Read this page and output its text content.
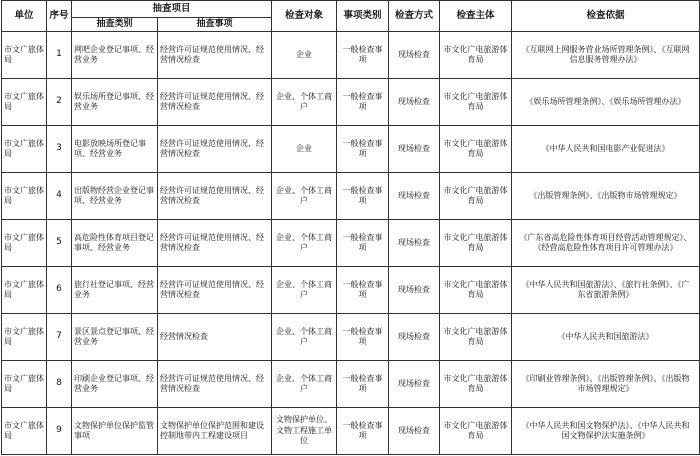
单位	序号	抽查项目		检查对象	事项类别	检查方式	检查主体	检查依据
		抽查类别	抽查事项					
市文广旅体局	1	网吧企业登记事项、经营业务	经营许可证规范使用情况、经营情况检查	企业	一般检查事项	现场检查	市文化广电旅游体育局	《互联网上网服务营业场所管理条例》、《互联网信息服务管理办法》
市文广旅体局	2	娱乐场所登记事项、经营业务	经营许可证规范使用情况、经营情况检查	企业、个体工商户	一般检查事项	现场检查	市文化广电旅游体育局	《娱乐场所管理条例》、《娱乐场所管理办法》
市文广旅体局	3	电影放映场所登记事项、经营业务	经营许可证规范使用情况、经营情况检查	企业	一般检查事项	现场检查	市文化广电旅游体育局	《中华人民共和国电影产业促进法》
市文广旅体局	4	出版物经营企业登记事项、经营业务	经营许可证规范使用情况、经营情况检查	企业、个体工商户	一般检查事项	现场检查	市文化广电旅游体育局	《出版管理条例》、《出版物市场管理规定》
市文广旅体局	5	高危险性体育项目登记事项、经营业务	经营许可证规范使用情况、经营情况检查	企业、个体工商户	一般检查事项	现场检查	市文化广电旅游体育局	《广东省高危险性体育项目经营活动管理规定》、《经营高危险性体育项目许可管理办法》
市文广旅体局	6	旅行社登记事项、经营业务	经营许可证规范使用情况、经营情况检查	企业、个体工商户	一般检查事项	现场检查	市文化广电旅游体育局	《中华人民共和国旅游法》、《旅行社条例》、《广东省旅游条例》
市文广旅体局	7	景区景点登记事项、经营业务	经营情况检查	企业、个体工商户	一般检查事项	现场检查	市文化广电旅游体育局	《中华人民共和国旅游法》
市文广旅体局	8	印刷企业登记事项、经营业务	经营许可证规范使用情况、经营情况检查	企业、个体工商户	一般检查事项	现场检查	市文化广电旅游体育局	《印刷业管理条例》、《出版管理条例》、《出版物市场管理规定》
市文广旅体局	9	文物保护单位保护监管事项	文物保护单位保护范围和建设控制地带内工程建设项目	文物保护单位、文物工程施工单位	一般检查事项	现场检查	市文化广电旅游体育局	《中华人民共和国文物保护法》、《中华人民共和国文物保护法实施条例》
